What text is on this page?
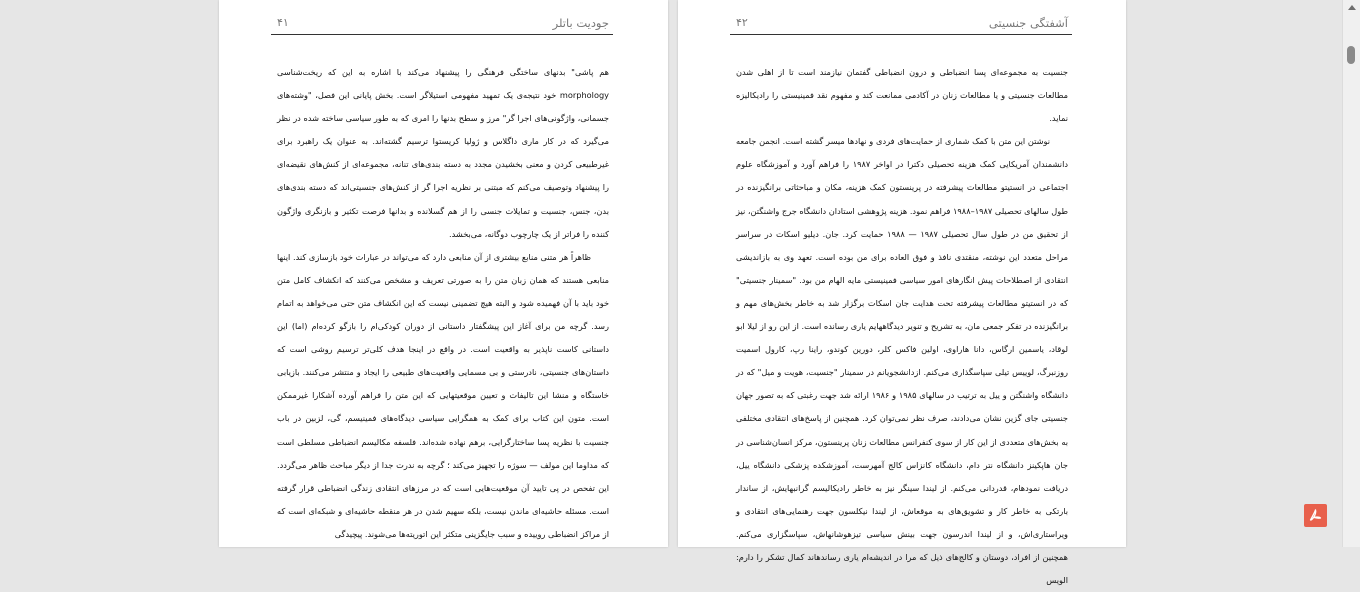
جودیت باتلر
۴۱

هم پاشی" بدنهای ساختگی فرهنگی را پیشنهاد می‌کند با اشاره به این که ریخت‌شناسی morphology خود نتیجه‌ی یک تمهید مفهومی استیلاگر است. بخش پایانی این فصل، "وشته‌های جسمانی، واژگونی‌های اجرا گر" مرز و سطح بدنها را امری که به طور سیاسی ساخته شده در نظر می‌گیرد که در کار ماری داگلاس و ژولیا کریستوا ترسیم گشته‌اند. به عنوان یک راهبرد برای غیرطبیعی کردن و معنی بخشیدن مجدد به دسته بندی‌های تنانه، مجموعه‌ای از کنش‌های نقیضه‌ای را پیشنهاد وتوصیف می‌کنم که مبتنی بر نظریه اجرا گر از کنش‌های جنسیتی‌اند که دسته بندی‌های بدن، جنس، جنسیت و تمایلات جنسی را از هم گسلانده و بدانها فرصت تکثیر و بازنگری واژگون کننده را فراتر از یک چارچوب دوگانه، می‌بخشد.

ظاهراً هر متنی منابع بیشتری از آن منابعی دارد که می‌تواند در عبارات خود بازسازی کند. اینها منابعی هستند که همان زبان متن را به صورتی تعریف و مشخص می‌کنند که انکشاف کامل متن خود باید با آن فهمیده شود و البته هیچ تضمینی نیست که این انکشاف متن حتی می‌خواهد به اتمام رسد. گرچه من برای آغاز این پیشگفتار داستانی از دوران کودکی‌ام را بازگو کرده‌ام (اما) این داستانی کاست ناپذیر به واقعیت است. در واقع در اینجا هدف کلی‌تر ترسیم روشی است که داستان‌های جنسیتی، نادرستی و بی مسمایی واقعیت‌های طبیعی را ایجاد و منتشر می‌کنند. بازیابی خاستگاه و منشا این تالیفات و تعیین موقعیتهایی که این متن را فراهم آورده آشکارا غیرممکن است. متون این کتاب برای کمک به همگرایی سیاسی دیدگاه‌های فمینیسم، گی، لزبین در باب جنسیت با نظریه پسا ساختارگرایی، برهم نهاده شده‌اند. فلسفه مکالیسم انضباطی مسلطی است که مداوما این مولف — سوژه را تجهیز می‌کند ؛ گرچه به ندرت جدا از دیگر مباحث ظاهر می‌گردد. این تفحص در پی تایید آن موقعیت‌هایی است که در مرزهای انتقادی زندگی انضباطی قرار گرفته است. مسئله حاشیه‌ای ماندن نیست، بلکه سهیم شدن در هر منقطه حاشیه‌ای و شبکه‌ای است که از مراکز انضباطی روییده و سبب جایگزینی متکثر این اتوریته‌ها می‌شوند. پیچیدگی

آشفتگی جنسیتی
۴۲

جنسیت به مجموعه‌ای پسا انضباطی و درون انضباطی گفتمان نیازمند است تا از اهلی شدن مطالعات جنسیتی و یا مطالعات زنان در آکادمی ممانعت کند و مفهوم نقد فمینیستی را رادیکالیزه نماید.

نوشتن این متن با کمک شماری از حمایت‌های فردی و نهادها میسر گشته است. انجمن جامعه دانشمندان آمریکایی کمک هزینه تحصیلی دکترا در اواخر ۱۹۸۷ را فراهم آورد و آموزشگاه علوم اجتماعی در انستیتو مطالعات پیشرفته در پرینستون کمک هزینه، مکان و مباحثاتی برانگیزنده در طول سالهای تحصیلی ۱۹۸۷–۱۹۸۸ فراهم نمود. هزینه پژوهشی استادان دانشگاه جرج واشنگتن، نیز از تحقیق من در طول سال تحصیلی ۱۹۸۷ — ۱۹۸۸ حمایت کرد. جان. دیلیو اسکات در سراسر مراحل متعدد این نوشته، منقتدی نافذ و فوق العاده برای من بوده است. تعهد وی به بازاندیشی انتقادی از اصطلاحات پیش انگارهای امور سیاسی فمینیستی مایه الهام من بود. "سمینار جنسیتی" که در انستیتو مطالعات پیشرفته تحت هدایت جان اسکات برگزار شد به خاطر بخش‌های مهم و برانگیزنده در تفکر جمعی مان، به تشریح و تنویر دیدگاههایم یاری رسانده است. از این رو از لیلا ابو لوقاد، یاسمین ارگاس، دانا هاراوی، اولین فاکس کلر، دورین کوندو، راینا رپ، کارول اسمیت روزنبرگ، لوییس تیلی سپاسگذاری می‌کنم. ازدانشجویانم در سمینار "جنسیت، هویت و میل" که در دانشگاه واشنگتن و ییل به ترتیب در سالهای ۱۹۸۵ و ۱۹۸۶ ارائه شد جهت رغبتی که به تصور جهان جنسیتی جای گزین نشان می‌دادند، صرف نظر نمی‌توان کرد. همچنین از پاسخ‌های انتقادی مختلفی به بخش‌های متعددی از این کار از سوی کنفرانس مطالعات زنان پرینستون، مرکز انسان‌شناسی در جان هاپکینز دانشگاه نتر دام، دانشگاه کانزاس کالج آمهرست، آموزشکده پزشکی دانشگاه ییل، دریافت نمودهام، قدردانی می‌کنم. از لیندا سینگر نیز به خاطر رادیکالیسم گرانبهایش، از ساندار بارتکی به خاطر کار و تشویق‌های به موقعاش، از لیندا نیکلسون جهت رهنمایی‌های انتقادی و ویراستاری‌اش، و از لیندا اندرسون جهت بینش سیاسی تیزهوشانهاش، سپاسگزاری می‌کنم. همچنین از افراد، دوستان و کالج‌های ذیل که مرا در اندیشه‌ام یاری رساندهاند کمال تشکر را دارم: الویس
